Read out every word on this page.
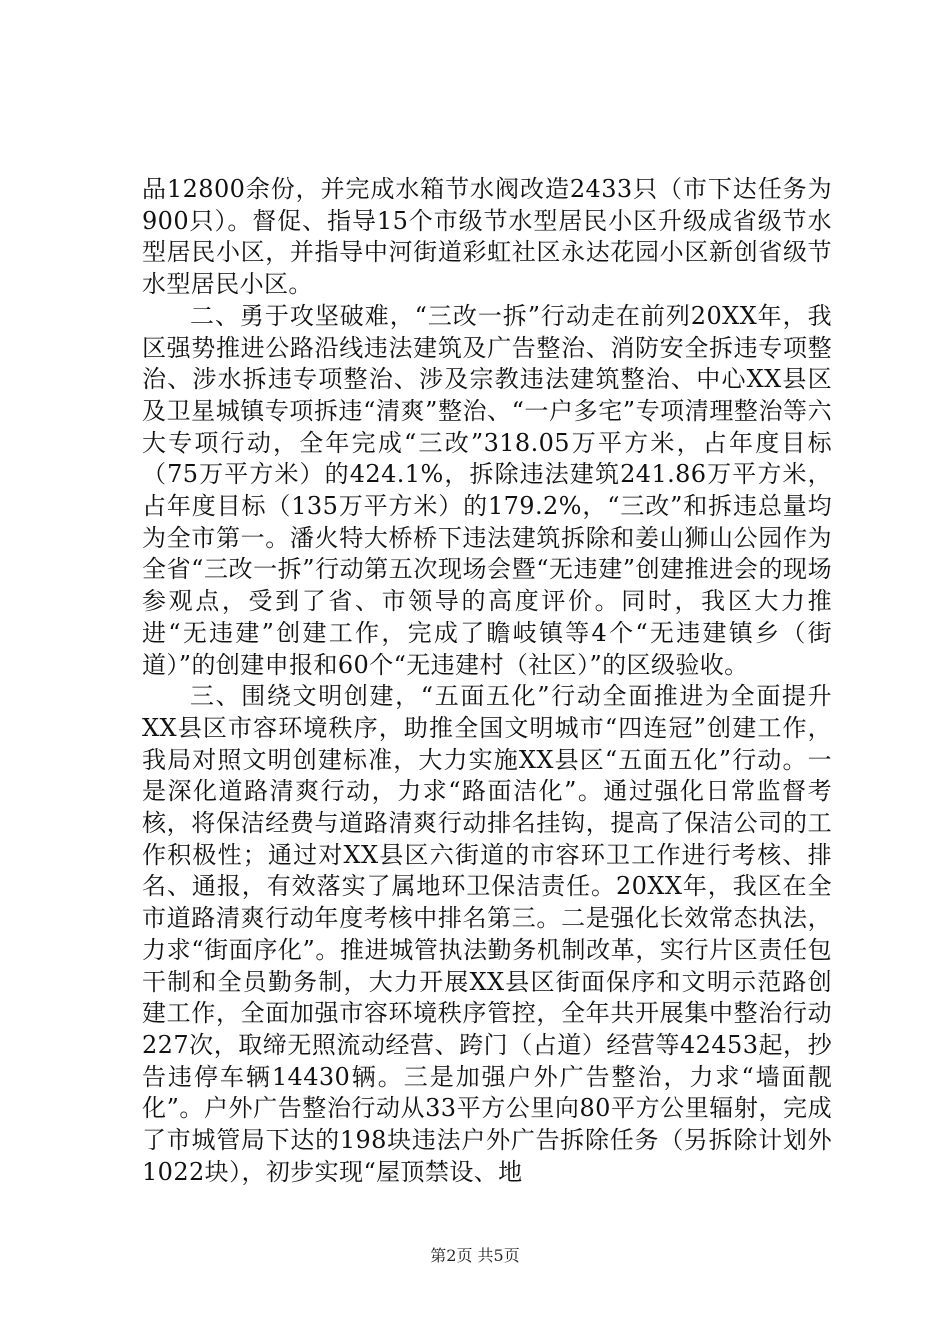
品12800余份，并完成水箱节水阀改造2433只（市下达任务为900只）。督促、指导15个市级节水型居民小区升级成省级节水型居民小区，并指导中河街道彩虹社区永达花园小区新创省级节水型居民小区。

二、勇于攻坚破难，“三改一拆”行动走在前列20XX年，我区强势推进公路沿线违法建筑及广告整治、消防安全拆违专项整治、涉水拆违专项整治、涉及宗教违法建筑整治、中心XX县区及卫星城镇专项拆违“清爽”整治、“一户多宅”专项清理整治等六大专项行动，全年完成“三改”318.05万平方米，占年度目标（75万平方米）的424.1%，拆除违法建筑241.86万平方米，占年度目标（135万平方米）的179.2%，“三改”和拆违总量均为全市第一。潘火特大桥桥下违法建筑拆除和姜山狮山公园作为全省“三改一拆”行动第五次现场会暨“无违建”创建推进会的现场参观点，受到了省、市领导的高度评价。同时，我区大力推进“无违建”创建工作，完成了瞻岐镇等4个“无违建镇乡（街道）”的创建申报和60个“无违建村（社区）”的区级验收。

三、围绕文明创建，“五面五化”行动全面推进为全面提升XX县区市容环境秩序，助推全国文明城市“四连冠”创建工作，我局对照文明创建标准，大力实施XX县区“五面五化”行动。一是深化道路清爽行动，力求“路面洁化”。通过强化日常监督考核，将保洁经费与道路清爽行动排名挂钩，提高了保洁公司的工作积极性；通过对XX县区六街道的市容环卫工作进行考核、排名、通报，有效落实了属地环卫保洁责任。20XX年，我区在全市道路清爽行动年度考核中排名第三。二是强化长效常态执法，力求“街面序化”。推进城管执法勤务机制改革，实行片区责任包干制和全员勤务制，大力开展XX县区街面保序和文明示范路创建工作，全面加强市容环境秩序管控，全年共开展集中整治行动227次，取缔无照流动经营、跨门（占道）经营等42453起，抄告违停车辆14430辆。三是加强户外广告整治，力求“墙面靓化”。户外广告整治行动从33平方公里向80平方公里辐射，完成了市城管局下达的198块违法户外广告拆除任务（另拆除计划外1022块），初步实现“屋顶禁设、地

第2页 共5页
